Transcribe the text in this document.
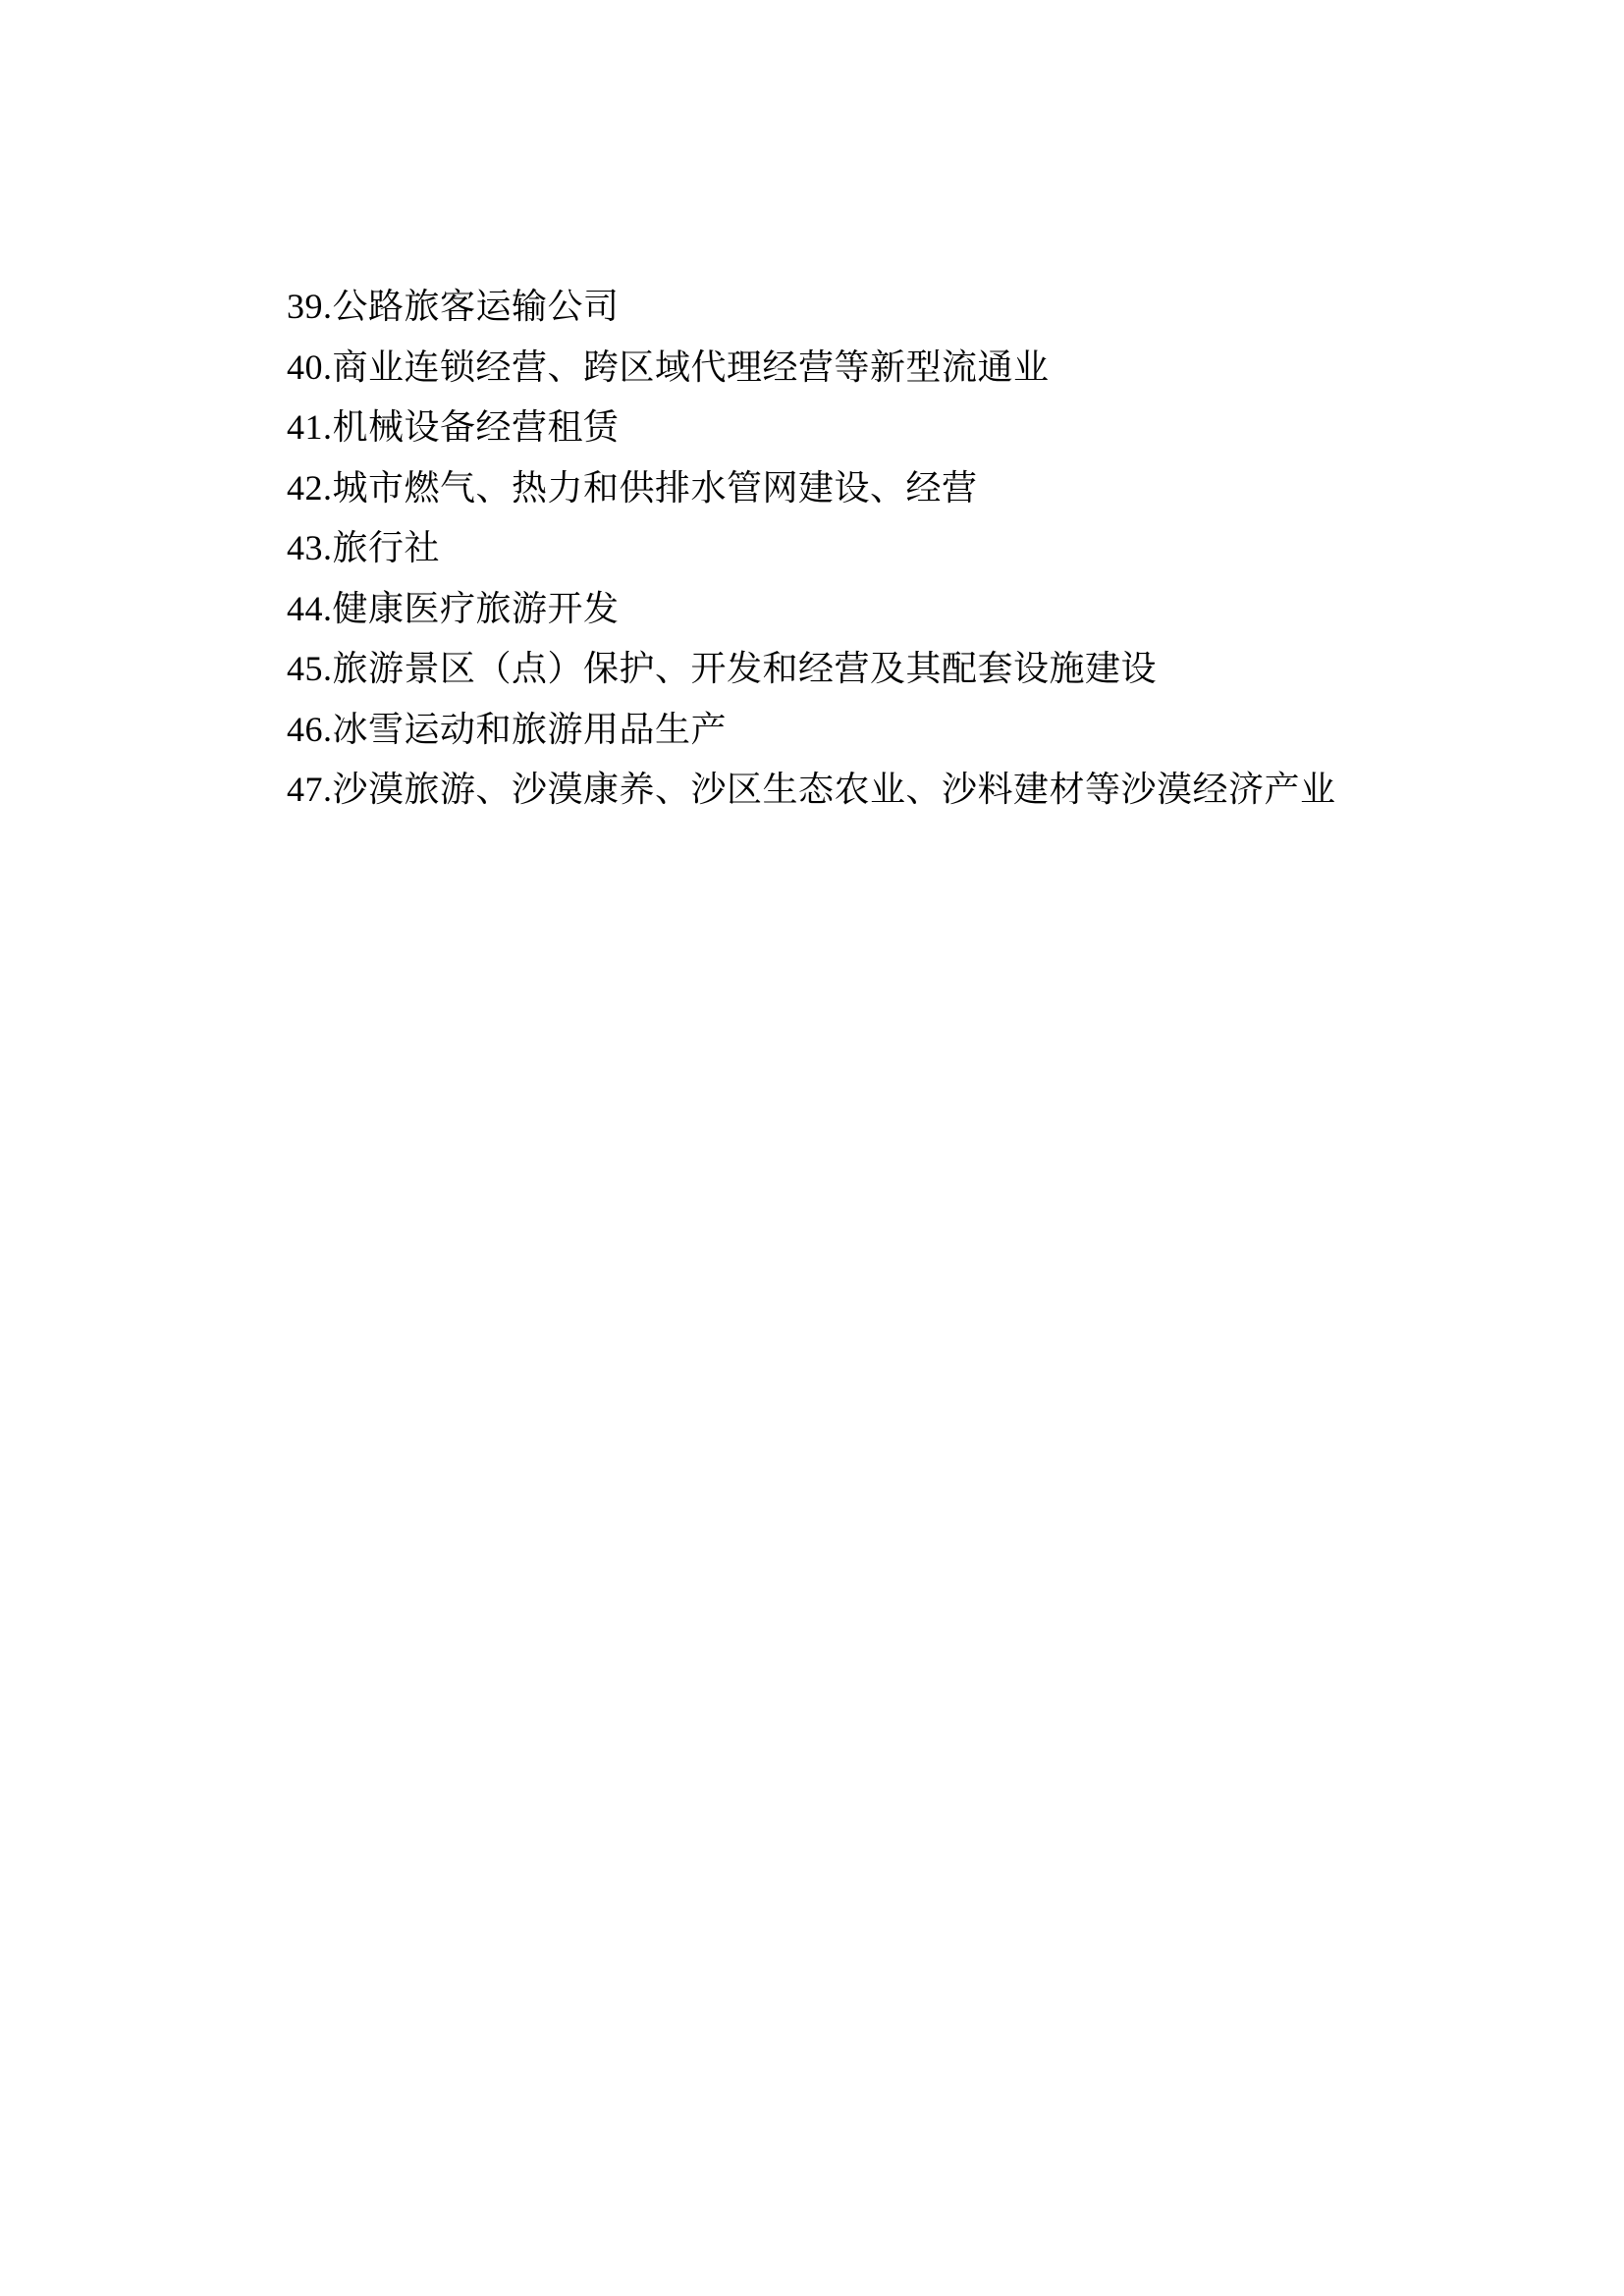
39.公路旅客运输公司
40.商业连锁经营、跨区域代理经营等新型流通业
41.机械设备经营租赁
42.城市燃气、热力和供排水管网建设、经营
43.旅行社
44.健康医疗旅游开发
45.旅游景区（点）保护、开发和经营及其配套设施建设
46.冰雪运动和旅游用品生产
47.沙漠旅游、沙漠康养、沙区生态农业、沙料建材等沙漠经济产业
